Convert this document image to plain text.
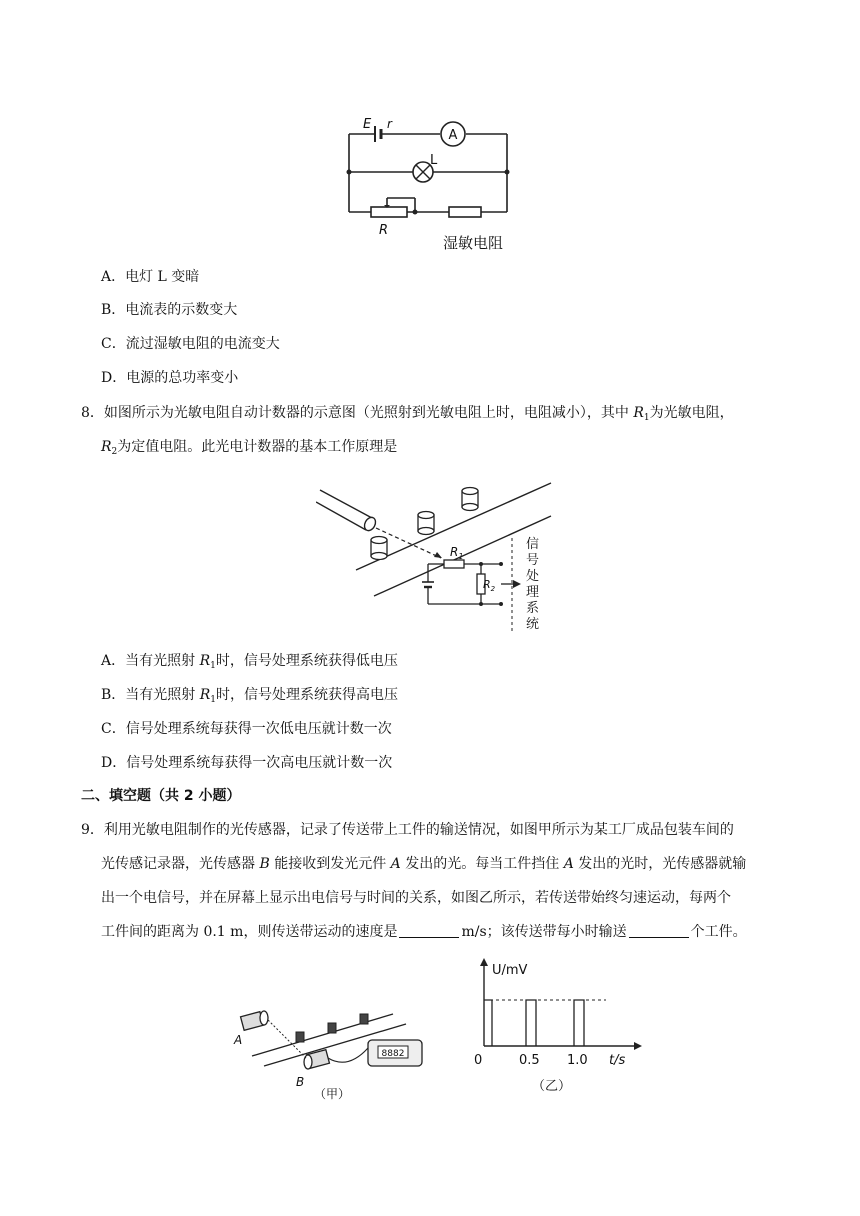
A
L
E r
R
湿敏电阻
A．电灯 L 变暗
B．电流表的示数变大
C．流过湿敏电阻的电流变大
D．电源的总功率变小
8．如图所示为光敏电阻自动计数器的示意图（光照射到光敏电阻上时，电阻减小），其中 $R_1$为光敏电阻，
$R_2$为定值电阻。此光电计数器的基本工作原理是
$R_1$
$R_2$
信
号
处
理
系
统
A．当有光照射 $R_1$时，信号处理系统获得低电压
B．当有光照射 $R_1$时，信号处理系统获得高电压
C．信号处理系统每获得一次低电压就计数一次
D．信号处理系统每获得一次高电压就计数一次
二、填空题（共 2 小题）
9．利用光敏电阻制作的光传感器，记录了传送带上工件的输送情况，如图甲所示为某工厂成品包装车间的
光传感记录器，光传感器 B 能接收到发光元件 A 发出的光。每当工件挡住 A 发出的光时，光传感器就输
出一个电信号，并在屏幕上显示出电信号与时间的关系，如图乙所示，若传送带始终匀速运动，每两个
工件间的距离为 0.1 m，则传送带运动的速度是	m/s；该传送带每小时输送	个工件。
8882
A
B
（甲）
U/mV
0	0.5 1.0 t/s
（乙）
